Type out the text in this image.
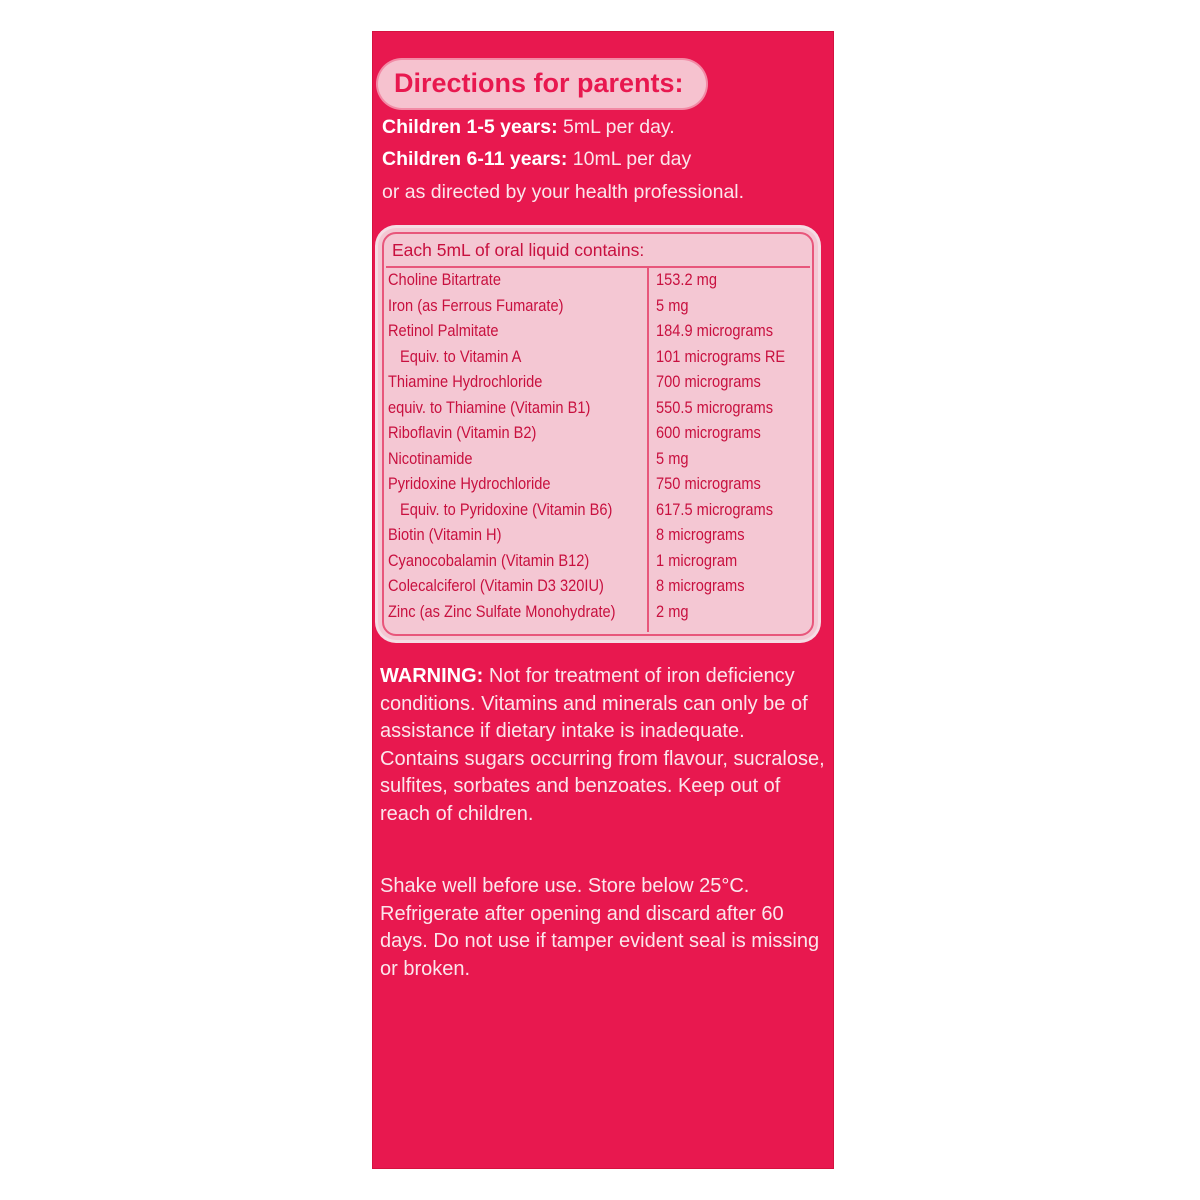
Directions for parents:
Children 1-5 years: 5mL per day.
Children 6-11 years: 10mL per day
or as directed by your health professional.
Each 5mL of oral liquid contains:
Choline Bitartrate	153.2 mg
Iron (as Ferrous Fumarate)	5 mg
Retinol Palmitate	184.9 micrograms
Equiv. to Vitamin A	101 micrograms RE
Thiamine Hydrochloride	700 micrograms
equiv. to Thiamine (Vitamin B1)	550.5 micrograms
Riboflavin (Vitamin B2)	600 micrograms
Nicotinamide	5 mg
Pyridoxine Hydrochloride	750 micrograms
Equiv. to Pyridoxine (Vitamin B6)	617.5 micrograms
Biotin (Vitamin H)	8 micrograms
Cyanocobalamin (Vitamin B12)	1 microgram
Colecalciferol (Vitamin D3 320IU)	8 micrograms
Zinc (as Zinc Sulfate Monohydrate) 2 mg
WARNING: Not for treatment of iron deficiency conditions. Vitamins and minerals can only be of assistance if dietary intake is inadequate. Contains sugars occurring from flavour, sucralose, sulfites, sorbates and benzoates. Keep out of reach of children.
Shake well before use. Store below 25°C. Refrigerate after opening and discard after 60 days. Do not use if tamper evident seal is missing or broken.
